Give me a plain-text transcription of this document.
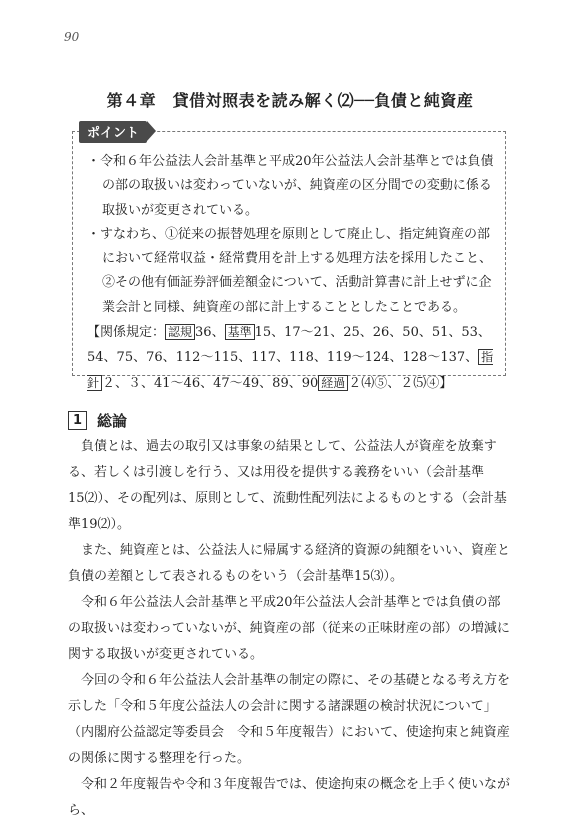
90
第４章　貸借対照表を読み解く⑵──負債と純資産
ポイント

・令和６年公益法人会計基準と平成20年公益法人会計基準とでは負債の部の取扱いは変わっていないが、純資産の区分間での変動に係る取扱いが変更されている。

・すなわち、①従来の振替処理を原則として廃止し、指定純資産の部において経常収益・経常費用を計上する処理方法を採用したこと、②その他有価証券評価差額金について、活動計算書に計上せずに企業会計と同様、純資産の部に計上することとしたことである。

【関係規定： 認規 36、 基準 15、17〜21、25、26、50、51、53、54、75、76、112〜115、117、118、119〜124、128〜137、 指針 ２、３、41〜46、47〜49、89、90 経過 ２⑷⑤、２⑸④】

1 総論

負債とは、過去の取引又は事象の結果として、公益法人が資産を放棄する、若しくは引渡しを行う、又は用役を提供する義務をいい（会計基準15⑵）、その配列は、原則として、流動性配列法によるものとする（会計基準19⑵）。

また、純資産とは、公益法人に帰属する経済的資源の純額をいい、資産と負債の差額として表されるものをいう（会計基準15⑶）。

令和６年公益法人会計基準と平成20年公益法人会計基準とでは負債の部の取扱いは変わっていないが、純資産の部（従来の正味財産の部）の増減に関する取扱いが変更されている。

今回の令和６年公益法人会計基準の制定の際に、その基礎となる考え方を示した「令和５年度公益法人の会計に関する諸課題の検討状況について」（内閣府公益認定等委員会　令和５年度報告）において、使途拘束と純資産の関係に関する整理を行った。

令和２年度報告や令和３年度報告では、使途拘束の概念を上手く使いながら、
